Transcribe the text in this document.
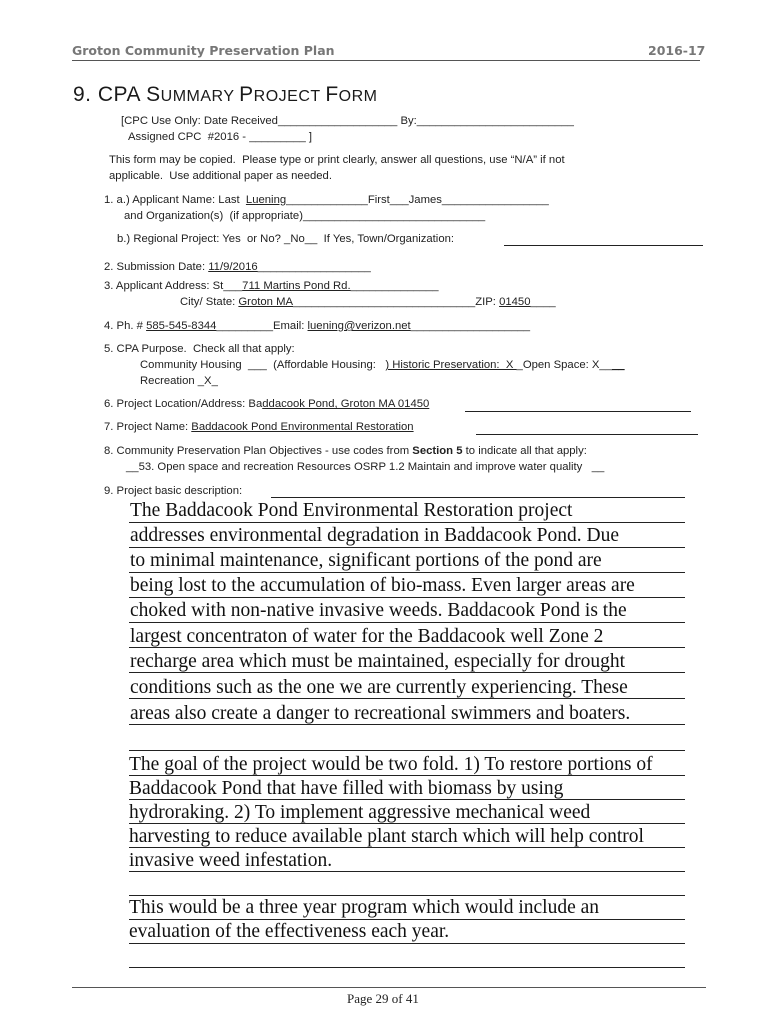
Groton Community Preservation Plan	2016-17
9. CPA SUMMARY PROJECT FORM
[CPC Use Only: Date Received___________________ By:_________________________
Assigned CPC  #2016 - _________ ]
This form may be copied.  Please type or print clearly, answer all questions, use “N/A” if not
applicable.  Use additional paper as needed.
1. a.) Applicant Name: Last Luening_____________First___James_________________
and Organization(s)  (if appropriate)_____________________________
b.) Regional Project: Yes  or No? _No__  If Yes, Town/Organization:
2. Submission Date: 11/9/2016__________________
3. Applicant Address: St___711 Martins Pond Rd.______________
City/ State: Groton MA_____________________________ZIP: 01450____
4. Ph. # 585-545-8344_________Email: luening@verizon.net___________________
5. CPA Purpose.  Check all that apply:
Community Housing  ___  (Affordable Housing:   ) Historic Preservation:  X _Open Space: X____
Recreation _X_
6. Project Location/Address: Baddacook Pond, Groton MA 01450
7. Project Name: Baddacook Pond Environmental Restoration
8. Community Preservation Plan Objectives - use codes from Section 5 to indicate all that apply:
__53. Open space and recreation Resources OSRP 1.2 Maintain and improve water quality   __
9. Project basic description:
The Baddacook Pond Environmental Restoration project
addresses environmental degradation in Baddacook Pond. Due
to minimal maintenance, significant portions of the pond are
being lost to the accumulation of bio-mass. Even larger areas are
choked with non-native invasive weeds. Baddacook Pond is the
largest concentraton of water for the Baddacook well Zone 2
recharge area which must be maintained, especially for drought
conditions such as the one we are currently experiencing. These
areas also create a danger to recreational swimmers and boaters.
The goal of the project would be two fold. 1) To restore portions of
Baddacook Pond that have filled with biomass by using
hydroraking. 2) To implement aggressive mechanical weed
harvesting to reduce available plant starch which will help control
invasive weed infestation.
This would be a three year program which would include an
evaluation of the effectiveness each year.
Page 29 of 41
